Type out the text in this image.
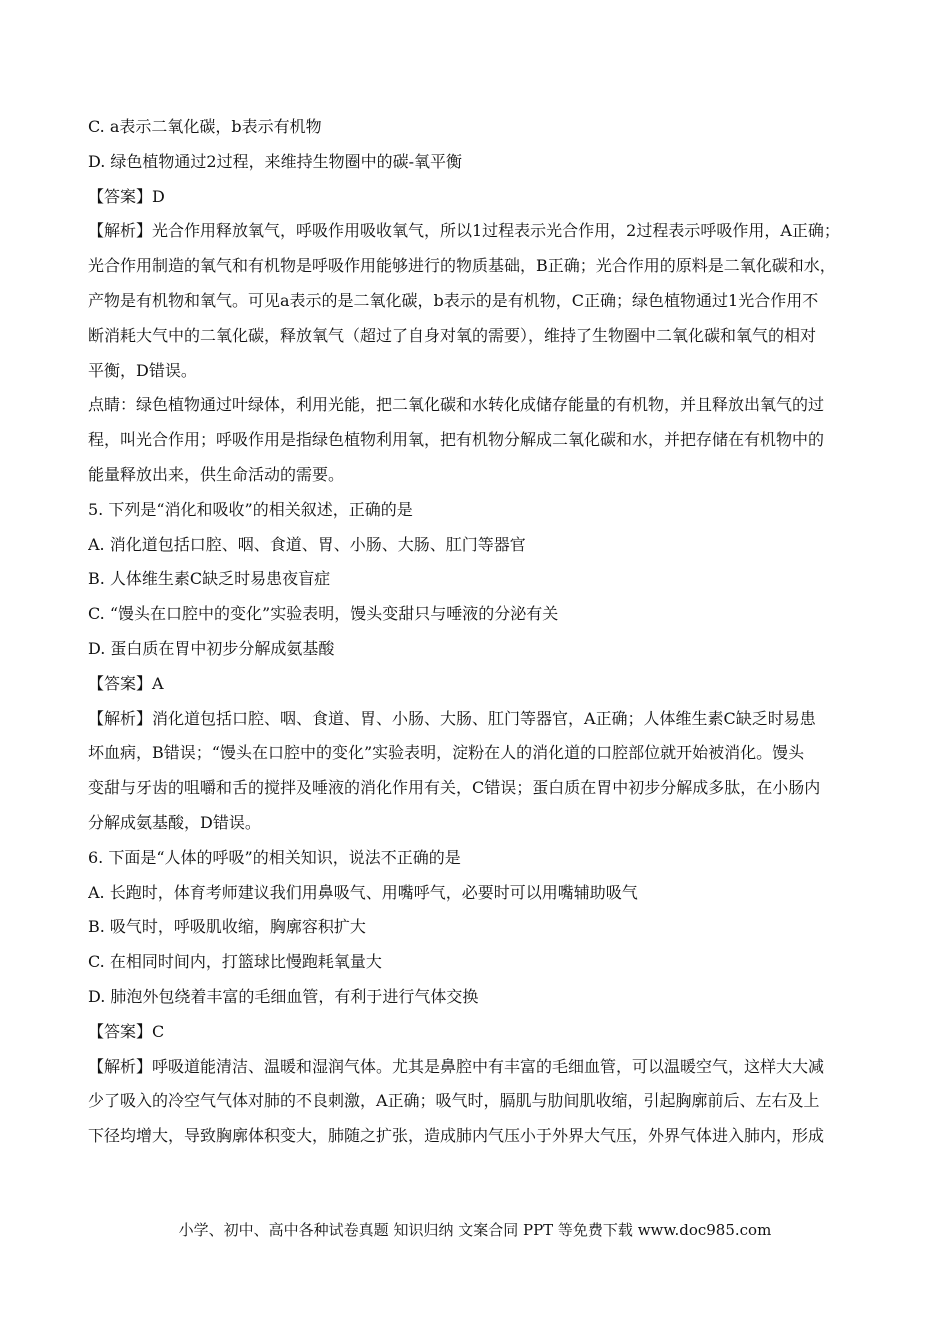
C. a表示二氧化碳，b表示有机物
D. 绿色植物通过2过程，来维持生物圈中的碳-氧平衡
【答案】D
【解析】光合作用释放氧气，呼吸作用吸收氧气，所以1过程表示光合作用，2过程表示呼吸作用，A正确；
光合作用制造的氧气和有机物是呼吸作用能够进行的物质基础，B正确；光合作用的原料是二氧化碳和水，
产物是有机物和氧气。可见a表示的是二氧化碳，b表示的是有机物，C正确；绿色植物通过1光合作用不
断消耗大气中的二氧化碳，释放氧气（超过了自身对氧的需要），维持了生物圈中二氧化碳和氧气的相对
平衡，D错误。
点睛：绿色植物通过叶绿体，利用光能，把二氧化碳和水转化成储存能量的有机物，并且释放出氧气的过
程，叫光合作用；呼吸作用是指绿色植物利用氧，把有机物分解成二氧化碳和水，并把存储在有机物中的
能量释放出来，供生命活动的需要。
5. 下列是“消化和吸收”的相关叙述，正确的是
A. 消化道包括口腔、咽、食道、胃、小肠、大肠、肛门等器官
B. 人体维生素C缺乏时易患夜盲症
C. “馒头在口腔中的变化”实验表明，馒头变甜只与唾液的分泌有关
D. 蛋白质在胃中初步分解成氨基酸
【答案】A
【解析】消化道包括口腔、咽、食道、胃、小肠、大肠、肛门等器官，A正确；人体维生素C缺乏时易患
坏血病，B错误；“馒头在口腔中的变化”实验表明，淀粉在人的消化道的口腔部位就开始被消化。馒头
变甜与牙齿的咀嚼和舌的搅拌及唾液的消化作用有关，C错误；蛋白质在胃中初步分解成多肽，在小肠内
分解成氨基酸，D错误。
6. 下面是“人体的呼吸”的相关知识，说法不正确的是
A. 长跑时，体育考师建议我们用鼻吸气、用嘴呼气，必要时可以用嘴辅助吸气
B. 吸气时，呼吸肌收缩，胸廓容积扩大
C. 在相同时间内，打篮球比慢跑耗氧量大
D. 肺泡外包绕着丰富的毛细血管，有利于进行气体交换
【答案】C
【解析】呼吸道能清洁、温暖和湿润气体。尤其是鼻腔中有丰富的毛细血管，可以温暖空气，这样大大减
少了吸入的冷空气气体对肺的不良刺激，A正确；吸气时，膈肌与肋间肌收缩，引起胸廓前后、左右及上
下径均增大，导致胸廓体积变大，肺随之扩张，造成肺内气压小于外界大气压，外界气体进入肺内，形成
小学、初中、高中各种试卷真题 知识归纳 文案合同 PPT 等免费下载 www.doc985.com
